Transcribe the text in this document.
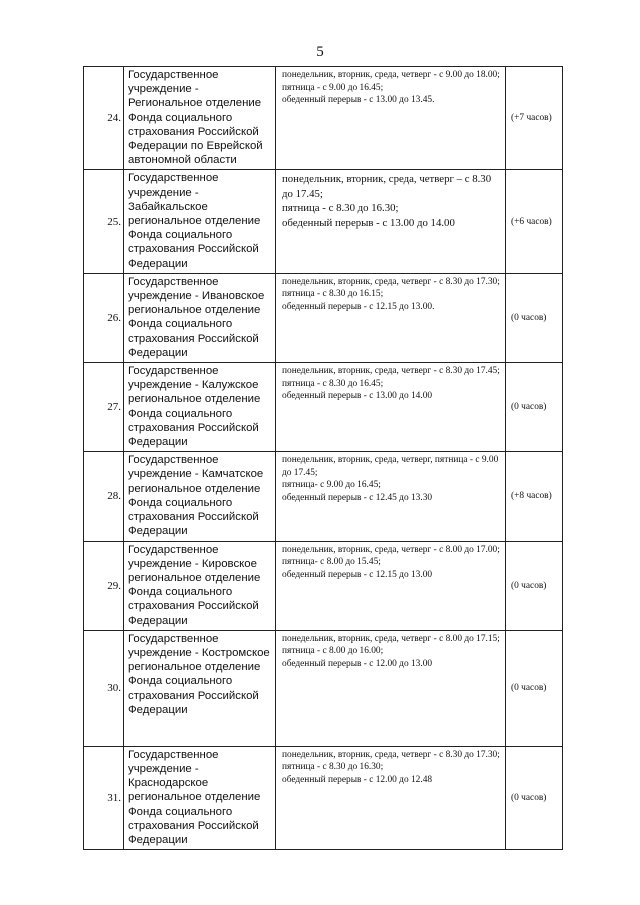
5
24.	Государственное учреждение - Региональное отделение Фонда социального страхования Российской Федерации по Еврейской автономной области	понедельник, вторник, среда, четверг - с 9.00 до 18.00;
пятница - с 9.00 до 16.45;
обеденный перерыв - с 13.00 до 13.45.	(+7 часов)
25.	Государственное учреждение - Забайкальское региональное отделение Фонда социального страхования Российской Федерации	понедельник, вторник, среда, четверг – с 8.30 до 17.45;
пятница - с 8.30 до 16.30;
обеденный перерыв - с 13.00 до 14.00	(+6 часов)
26.	Государственное учреждение - Ивановское региональное отделение Фонда социального страхования Российской Федерации	понедельник, вторник, среда, четверг - с 8.30 до 17.30;
пятница - с 8.30 до 16.15;
обеденный перерыв - с 12.15 до 13.00.	(0 часов)
27.	Государственное учреждение - Калужское региональное отделение Фонда социального страхования Российской Федерации	понедельник, вторник, среда, четверг - с 8.30 до 17.45;
пятница - с 8.30 до 16.45;
обеденный перерыв - с 13.00 до 14.00	(0 часов)
28.	Государственное учреждение - Камчатское региональное отделение Фонда социального страхования Российской Федерации	понедельник, вторник, среда, четверг, пятница - с 9.00 до 17.45;
пятница- с 9.00 до 16.45;
обеденный перерыв - с 12.45 до 13.30	(+8 часов)
29.	Государственное учреждение - Кировское региональное отделение Фонда социального страхования Российской Федерации	понедельник, вторник, среда, четверг - с 8.00 до 17.00;
пятница- с 8.00 до 15.45;
обеденный перерыв - с 12.15 до 13.00	(0 часов)
30.	Государственное учреждение - Костромское региональное отделение Фонда социального страхования Российской Федерации	понедельник, вторник, среда, четверг - с 8.00 до 17.15;
пятница - с 8.00 до 16.00;
обеденный перерыв - с 12.00 до 13.00	(0 часов)
31.	Государственное учреждение - Краснодарское региональное отделение Фонда социального страхования Российской Федерации	понедельник, вторник, среда, четверг - с 8.30 до 17.30;
пятница - с 8.30 до 16.30;
обеденный перерыв - с 12.00 до 12.48	(0 часов)
